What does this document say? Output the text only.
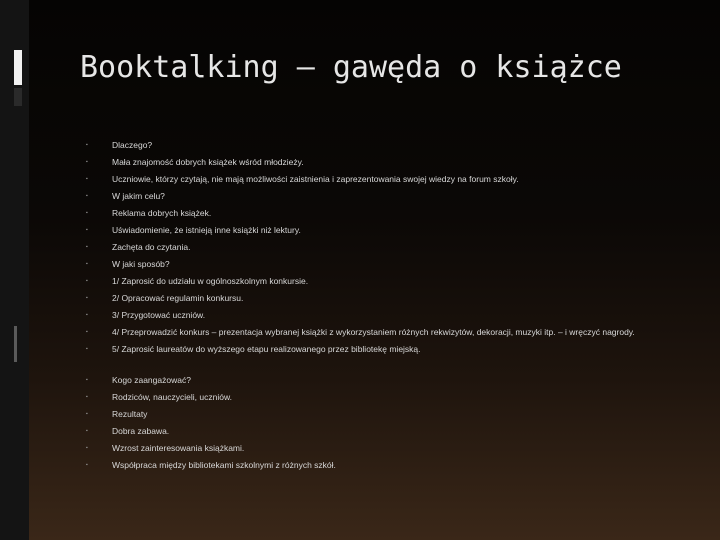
Booktalking – gawęda o książce
▪
Dlaczego?
▪
Mała znajomość dobrych książek wśród młodzieży.
▪
Uczniowie, którzy czytają, nie mają możliwości zaistnienia i zaprezentowania swojej wiedzy na forum szkoły.
▪
W jakim celu?
▪
Reklama dobrych książek.
▪
Uświadomienie, że istnieją inne książki niż lektury.
▪
Zachęta do czytania.
▪
W jaki sposób?
▪
1/ Zaprosić do udziału w ogólnoszkolnym konkursie.
▪
2/ Opracować regulamin konkursu.
▪
3/ Przygotować uczniów.
▪
4/ Przeprowadzić konkurs – prezentacja wybranej książki z wykorzystaniem różnych rekwizytów, dekoracji, muzyki itp. – i wręczyć nagrody.
▪
5/ Zaprosić laureatów do wyższego etapu realizowanego przez bibliotekę miejską.
▪
Kogo zaangażować?
▪
Rodziców, nauczycieli, uczniów.
▪
Rezultaty
▪
Dobra zabawa.
▪
Wzrost zainteresowania książkami.
▪
Współpraca między bibliotekami szkolnymi z różnych szkół.
